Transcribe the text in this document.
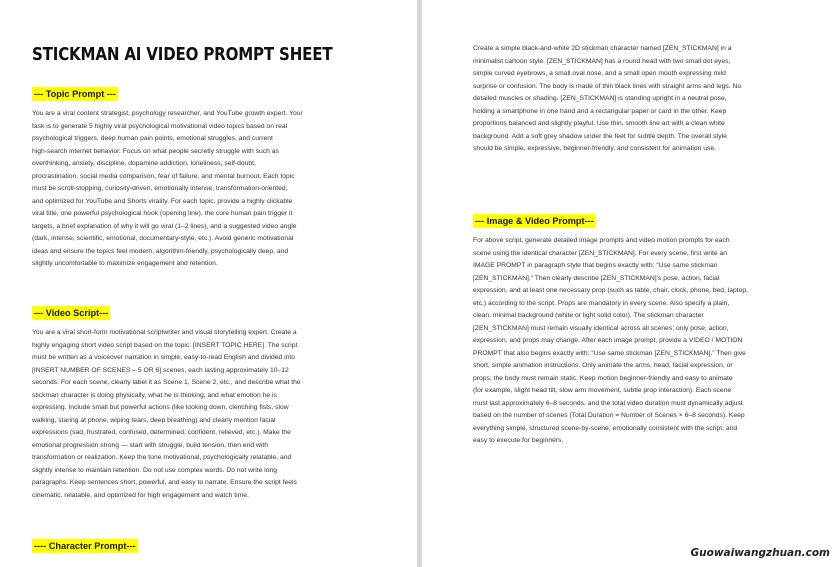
STICKMAN AI VIDEO PROMPT SHEET
--- Topic Prompt ---
You are a viral content strategist, psychology researcher, and YouTube growth expert. Your
task is to generate 5 highly viral psychological motivational video topics based on real
psychological triggers, deep human pain points, emotional struggles, and current
high-search internet behavior. Focus on what people secretly struggle with such as
overthinking, anxiety, discipline, dopamine addiction, loneliness, self-doubt,
procrastination, social media comparison, fear of failure, and mental burnout. Each topic
must be scroll-stopping, curiosity-driven, emotionally intense, transformation-oriented,
and optimized for YouTube and Shorts virality. For each topic, provide a highly clickable
viral title, one powerful psychological hook (opening line), the core human pain trigger it
targets, a brief explanation of why it will go viral (1–2 lines), and a suggested video angle
(dark, intense, scientific, emotional, documentary-style, etc.). Avoid generic motivational
ideas and ensure the topics feel modern, algorithm-friendly, psychologically deep, and
slightly uncomfortable to maximize engagement and retention.
--- Video Script---
You are a viral short-form motivational scriptwriter and visual storytelling expert. Create a
highly engaging short video script based on the topic: [INSERT TOPIC HERE]. The script
must be written as a voiceover narration in simple, easy-to-read English and divided into
[INSERT NUMBER OF SCENES – 5 OR 6] scenes, each lasting approximately 10–12
seconds. For each scene, clearly label it as Scene 1, Scene 2, etc., and describe what the
stickman character is doing physically, what he is thinking, and what emotion he is
expressing. Include small but powerful actions (like looking down, clenching fists, slow
walking, staring at phone, wiping tears, deep breathing) and clearly mention facial
expressions (sad, frustrated, confused, determined, confident, relieved, etc.). Make the
emotional progression strong — start with struggle, build tension, then end with
transformation or realization. Keep the tone motivational, psychologically relatable, and
slightly intense to maintain retention. Do not use complex words. Do not write long
paragraphs. Keep sentences short, powerful, and easy to narrate. Ensure the script feels
cinematic, relatable, and optimized for high engagement and watch time.
---- Character Prompt---
Create a simple black-and-white 2D stickman character named [ZEN_STICKMAN] in a
minimalist cartoon style. [ZEN_STICKMAN] has a round head with two small dot eyes,
simple curved eyebrows, a small oval nose, and a small open mouth expressing mild
surprise or confusion. The body is made of thin black lines with straight arms and legs. No
detailed muscles or shading. [ZEN_STICKMAN] is standing upright in a neutral pose,
holding a smartphone in one hand and a rectangular paper or card in the other. Keep
proportions balanced and slightly playful. Use thin, smooth line art with a clean white
background. Add a soft grey shadow under the feet for subtle depth. The overall style
should be simple, expressive, beginner-friendly, and consistent for animation use.
--- Image & Video Prompt---
For above script, generate detailed image prompts and video motion prompts for each
scene using the identical character [ZEN_STICKMAN]. For every scene, first write an
IMAGE PROMPT in paragraph style that begins exactly with: “Use same stickman
[ZEN_STICKMAN].” Then clearly describe [ZEN_STICKMAN]’s pose, action, facial
expression, and at least one necessary prop (such as table, chair, clock, phone, bed, laptop,
etc.) according to the script. Props are mandatory in every scene. Also specify a plain,
clean, minimal background (white or light solid color). The stickman character
[ZEN_STICKMAN] must remain visually identical across all scenes; only pose, action,
expression, and props may change. After each image prompt, provide a VIDEO / MOTION
PROMPT that also begins exactly with: “Use same stickman [ZEN_STICKMAN].” Then give
short, simple animation instructions. Only animate the arms, head, facial expression, or
props; the body must remain static. Keep motion beginner-friendly and easy to animate
(for example, slight head tilt, slow arm movement, subtle prop interaction). Each scene
must last approximately 6–8 seconds, and the total video duration must dynamically adjust
based on the number of scenes (Total Duration = Number of Scenes × 6–8 seconds). Keep
everything simple, structured scene-by-scene, emotionally consistent with the script, and
easy to execute for beginners.
Guowaiwangzhuan.com
